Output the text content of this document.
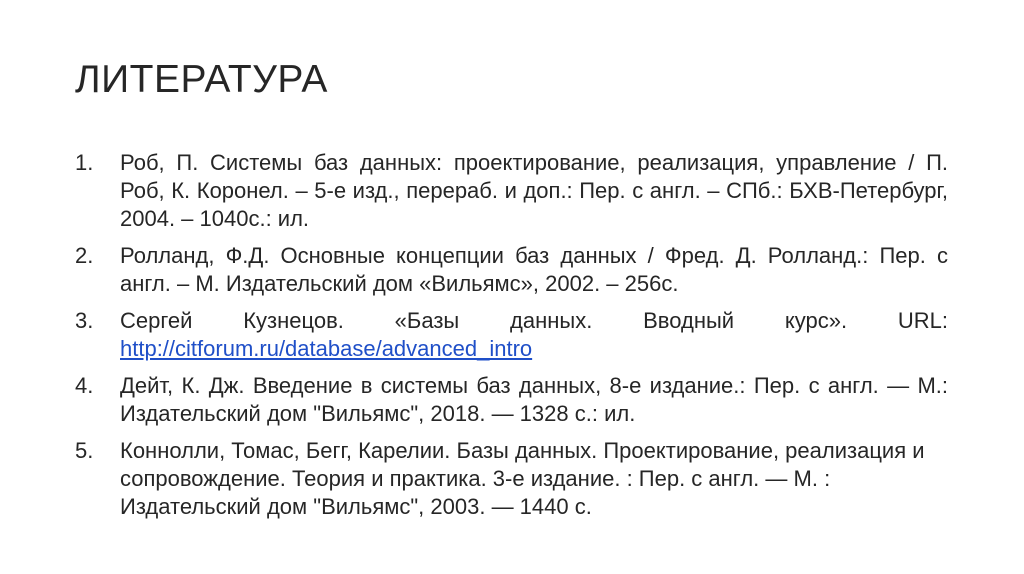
ЛИТЕРАТУРА
1. Роб, П. Системы баз данных: проектирование, реализация, управление / П. Роб, К. Коронел. – 5-е изд., перераб. и доп.: Пер. с англ. – СПб.: БХВ-Петербург, 2004. – 1040с.: ил.
2. Ролланд, Ф.Д. Основные концепции баз данных / Фред. Д. Ролланд.: Пер. с англ. – М. Издательский дом «Вильямс», 2002. – 256с.
3. Сергей Кузнецов. «Базы данных. Вводный курс». URL: http://citforum.ru/database/advanced_intro
4. Дейт, К. Дж. Введение в системы баз данных, 8-е издание.: Пер. с англ. — М.: Издательский дом "Вильямс", 2018. — 1328 с.: ил.
5. Коннолли, Томас, Бегг, Карелии. Базы данных. Проектирование, реализация и сопровождение. Теория и практика. 3-е издание. : Пер. с англ. — М. : Издательский дом "Вильямс", 2003. — 1440 с.
